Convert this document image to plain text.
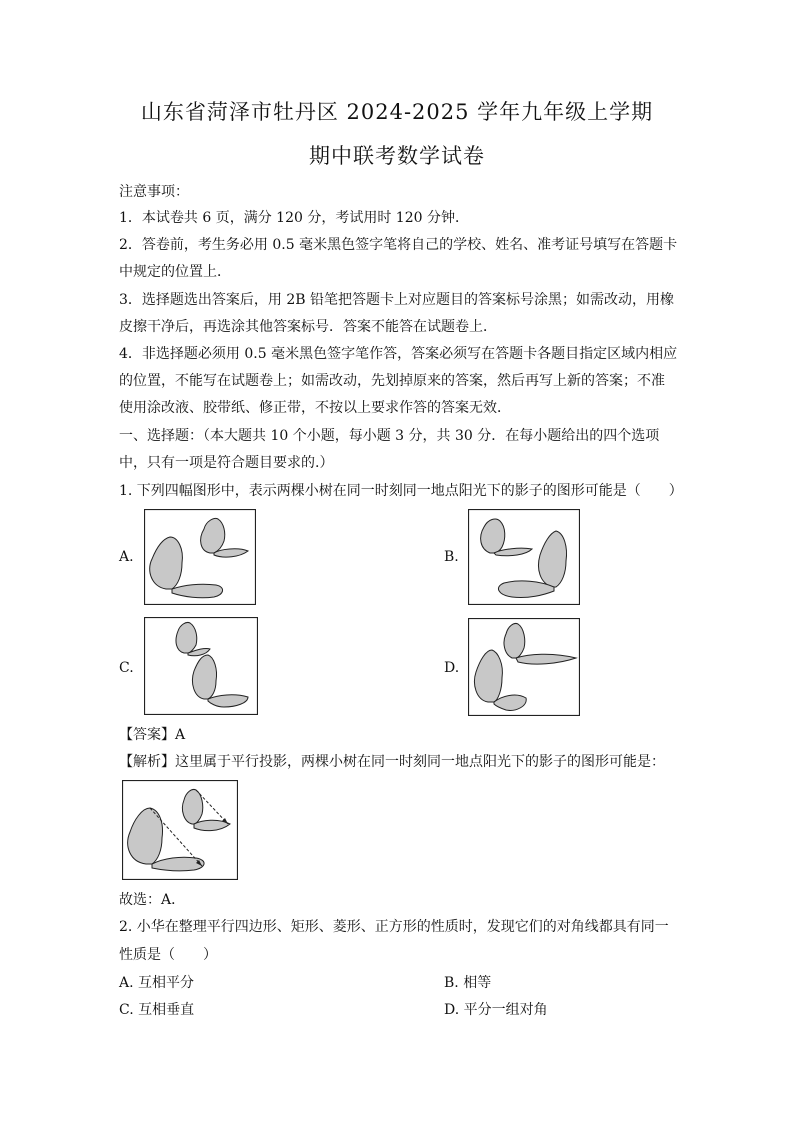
山东省菏泽市牡丹区 2024-2025 学年九年级上学期
期中联考数学试卷
注意事项：
1．本试卷共 6 页，满分 120 分，考试用时 120 分钟．
2．答卷前，考生务必用 0.5 毫米黑色签字笔将自己的学校、姓名、准考证号填写在答题卡
中规定的位置上．
3．选择题选出答案后，用 2B 铅笔把答题卡上对应题目的答案标号涂黑；如需改动，用橡
皮擦干净后，再选涂其他答案标号．答案不能答在试题卷上．
4．非选择题必须用 0.5 毫米黑色签字笔作答，答案必须写在答题卡各题目指定区域内相应
的位置，不能写在试题卷上；如需改动，先划掉原来的答案，然后再写上新的答案；不准
使用涂改液、胶带纸、修正带，不按以上要求作答的答案无效．
一、选择题：（本大题共 10 个小题，每小题 3 分，共 30 分．在每小题给出的四个选项
中，只有一项是符合题目要求的.）
1. 下列四幅图形中，表示两棵小树在同一时刻同一地点阳光下的影子的图形可能是（　　）
A.	B.
C.	D.
【答案】A
【解析】这里属于平行投影，两棵小树在同一时刻同一地点阳光下的影子的图形可能是：
故选：A．
2. 小华在整理平行四边形、矩形、菱形、正方形的性质时，发现它们的对角线都具有同一
性质是（　　）
A. 互相平分	B. 相等
C. 互相垂直	D. 平分一组对角
